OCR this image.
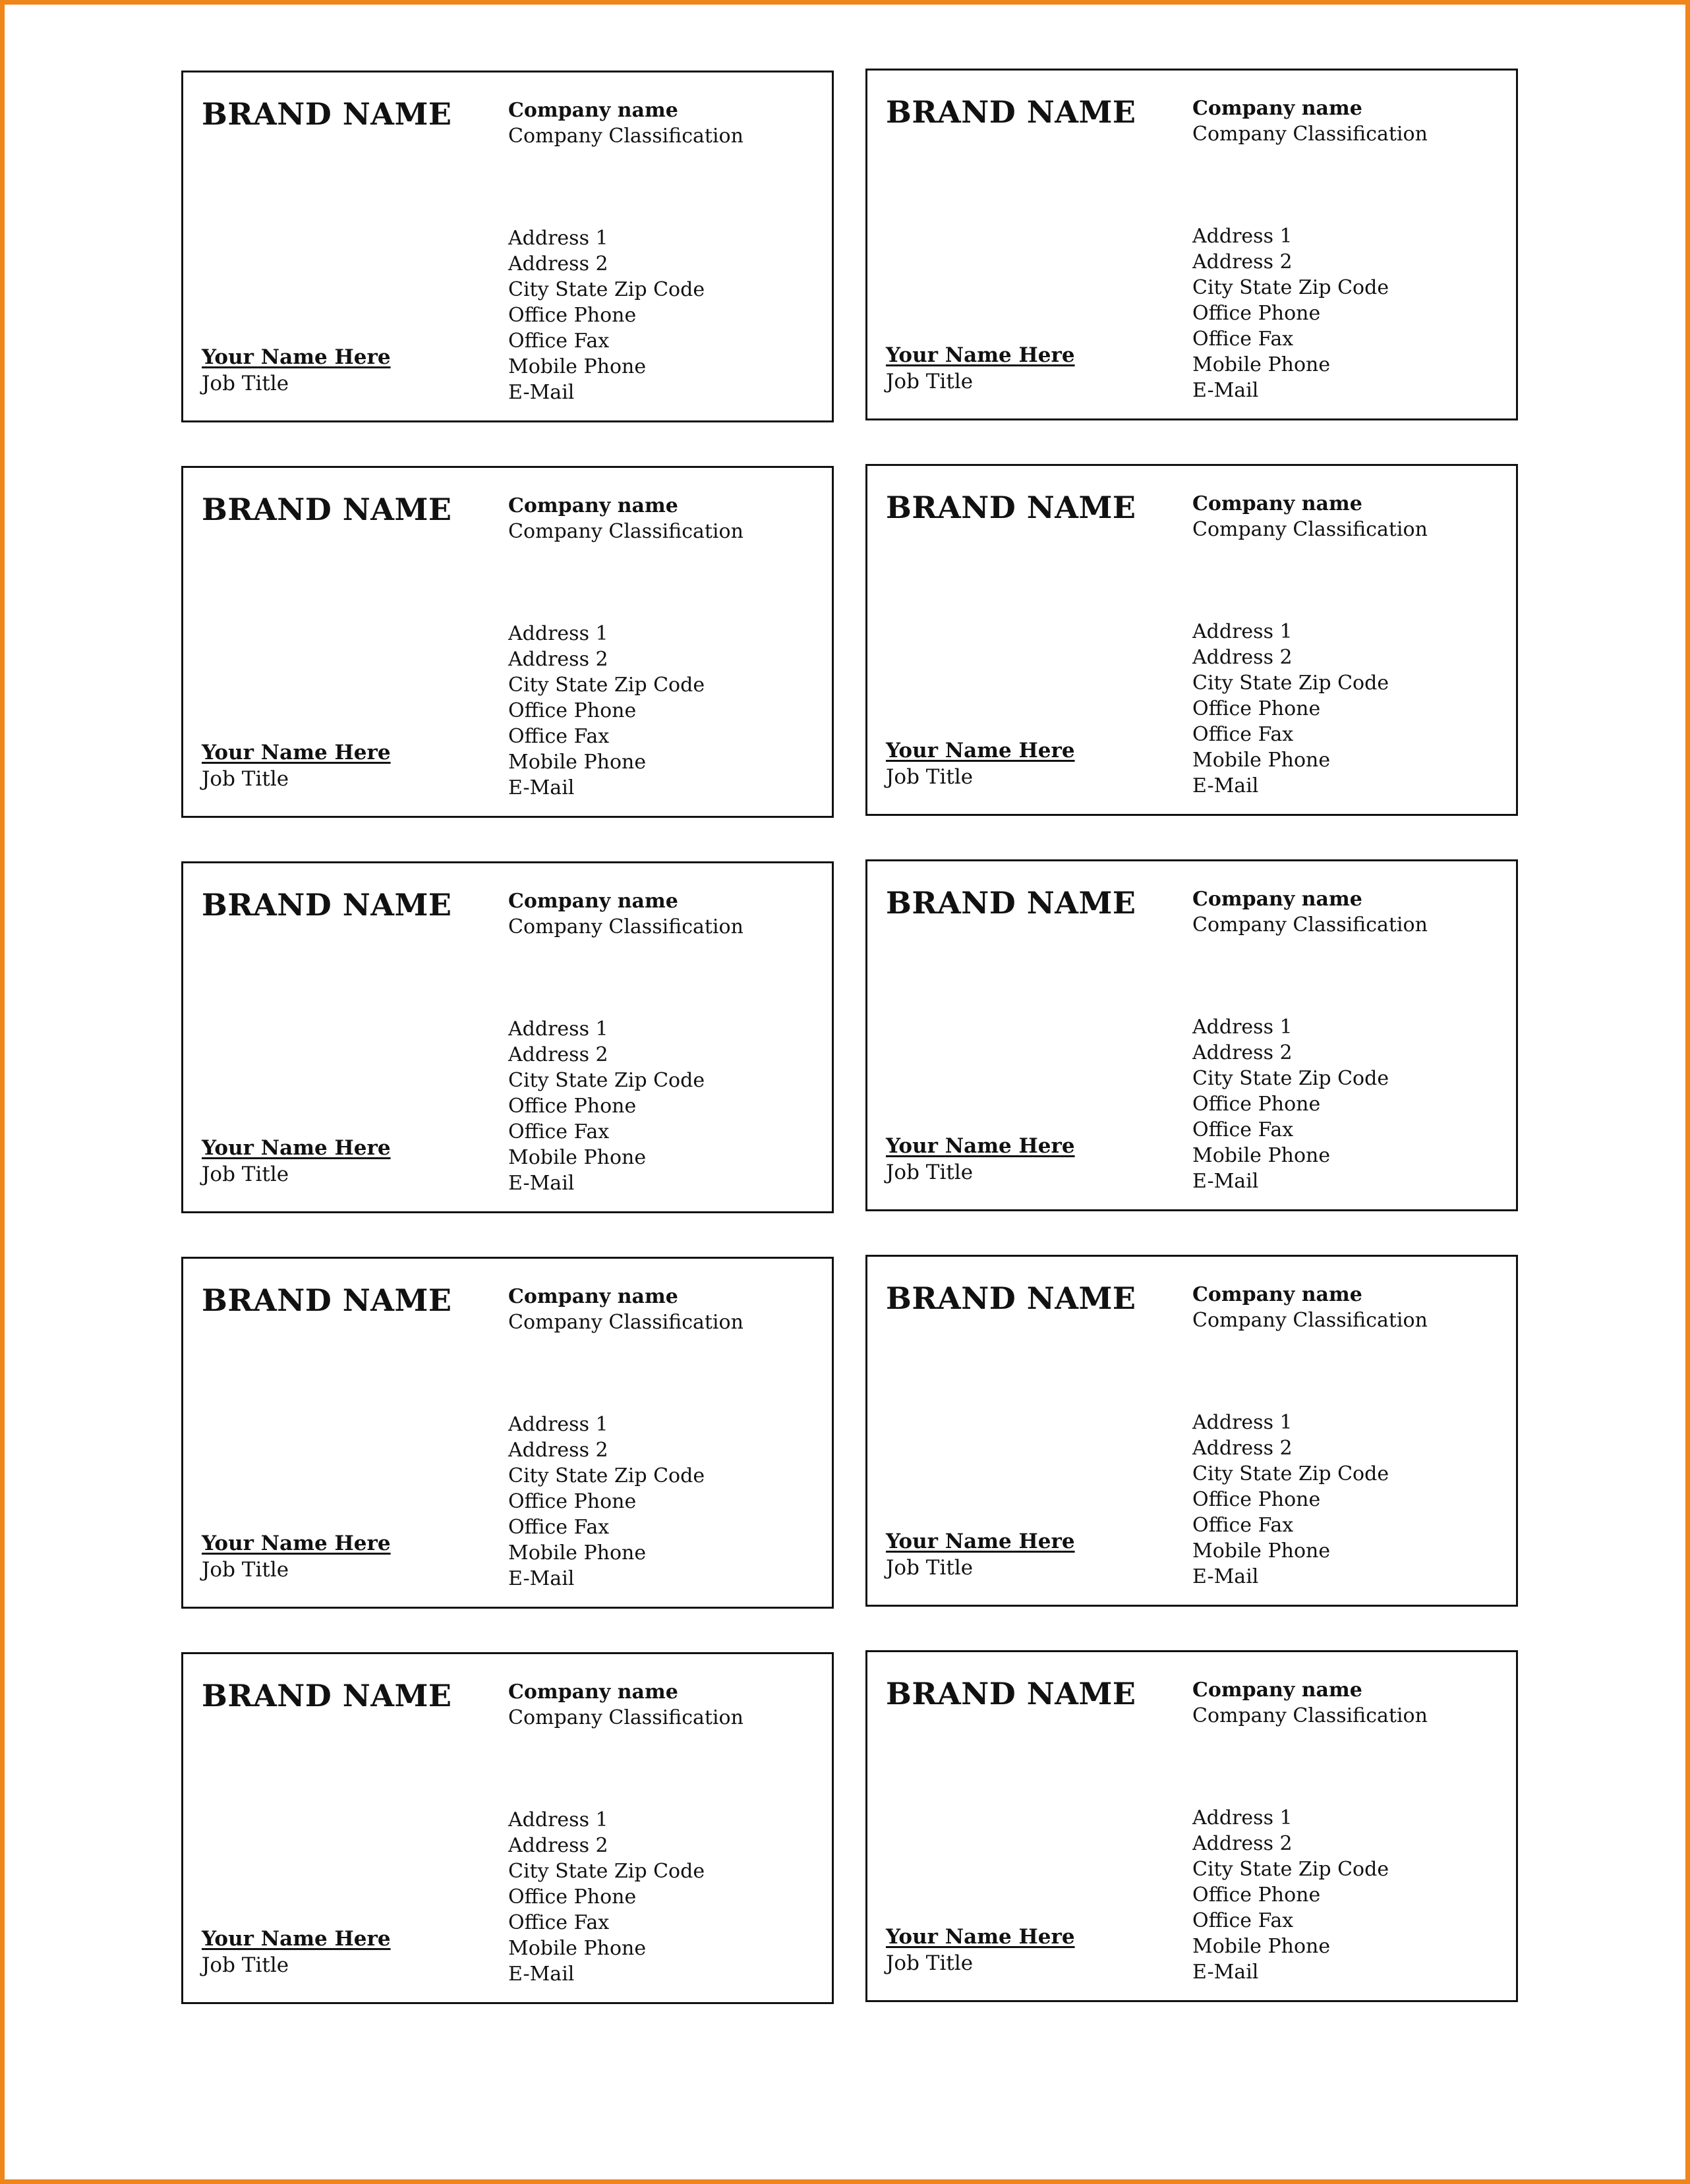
BRAND NAME	Company name
Company Classification
Address 1
Address 2
City State Zip Code
Office Phone
Office Fax
Mobile Phone
E-Mail
Your Name Here
Job Title
BRAND NAME	Company name
Company Classification
Address 1
Address 2
City State Zip Code
Office Phone
Office Fax
Mobile Phone
E-Mail
Your Name Here
Job Title
BRAND NAME	Company name
Company Classification
Address 1
Address 2
City State Zip Code
Office Phone
Office Fax
Mobile Phone
E-Mail
Your Name Here
Job Title
BRAND NAME	Company name
Company Classification
Address 1
Address 2
City State Zip Code
Office Phone
Office Fax
Mobile Phone
E-Mail
Your Name Here
Job Title
BRAND NAME	Company name
Company Classification
Address 1
Address 2
City State Zip Code
Office Phone
Office Fax
Mobile Phone
E-Mail
Your Name Here
Job Title
BRAND NAME	Company name
Company Classification
Address 1
Address 2
City State Zip Code
Office Phone
Office Fax
Mobile Phone
E-Mail
Your Name Here
Job Title
BRAND NAME	Company name
Company Classification
Address 1
Address 2
City State Zip Code
Office Phone
Office Fax
Mobile Phone
E-Mail
Your Name Here
Job Title
BRAND NAME	Company name
Company Classification
Address 1
Address 2
City State Zip Code
Office Phone
Office Fax
Mobile Phone
E-Mail
Your Name Here
Job Title
BRAND NAME	Company name
Company Classification
Address 1
Address 2
City State Zip Code
Office Phone
Office Fax
Mobile Phone
E-Mail
Your Name Here
Job Title
BRAND NAME	Company name
Company Classification
Address 1
Address 2
City State Zip Code
Office Phone
Office Fax
Mobile Phone
E-Mail
Your Name Here
Job Title
